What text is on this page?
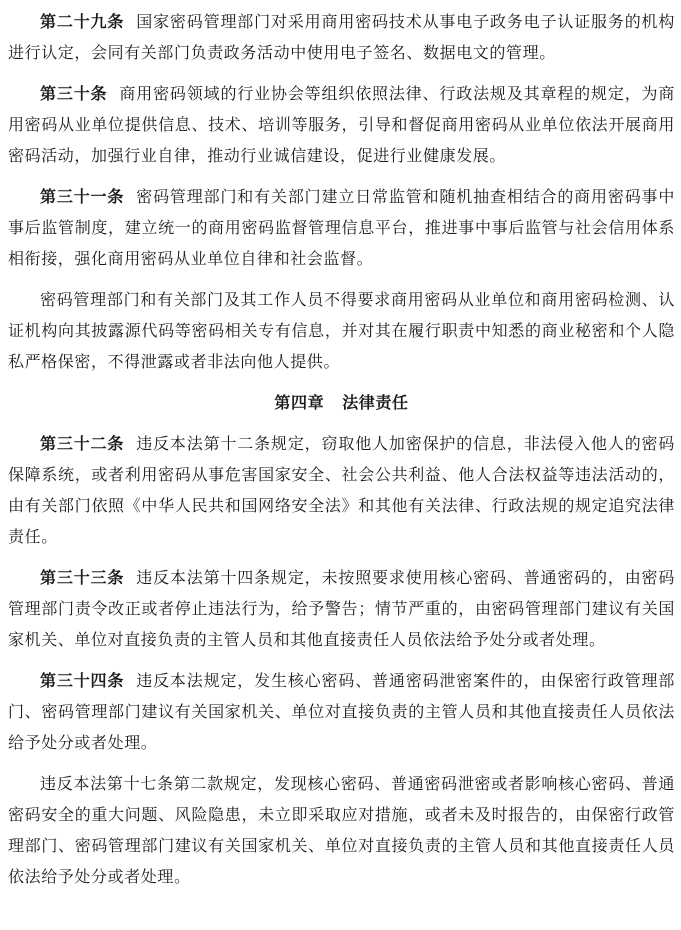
第二十九条 国家密码管理部门对采用商用密码技术从事电子政务电子认证服务的机构进行认定，会同有关部门负责政务活动中使用电子签名、数据电文的管理。

第三十条 商用密码领域的行业协会等组织依照法律、行政法规及其章程的规定，为商用密码从业单位提供信息、技术、培训等服务，引导和督促商用密码从业单位依法开展商用密码活动，加强行业自律，推动行业诚信建设，促进行业健康发展。

第三十一条 密码管理部门和有关部门建立日常监管和随机抽查相结合的商用密码事中事后监管制度，建立统一的商用密码监督管理信息平台，推进事中事后监管与社会信用体系相衔接，强化商用密码从业单位自律和社会监督。

密码管理部门和有关部门及其工作人员不得要求商用密码从业单位和商用密码检测、认证机构向其披露源代码等密码相关专有信息，并对其在履行职责中知悉的商业秘密和个人隐私严格保密，不得泄露或者非法向他人提供。

第四章 法律责任

第三十二条 违反本法第十二条规定，窃取他人加密保护的信息，非法侵入他人的密码保障系统，或者利用密码从事危害国家安全、社会公共利益、他人合法权益等违法活动的，由有关部门依照《中华人民共和国网络安全法》和其他有关法律、行政法规的规定追究法律责任。

第三十三条 违反本法第十四条规定，未按照要求使用核心密码、普通密码的，由密码管理部门责令改正或者停止违法行为，给予警告；情节严重的，由密码管理部门建议有关国家机关、单位对直接负责的主管人员和其他直接责任人员依法给予处分或者处理。

第三十四条 违反本法规定，发生核心密码、普通密码泄密案件的，由保密行政管理部门、密码管理部门建议有关国家机关、单位对直接负责的主管人员和其他直接责任人员依法给予处分或者处理。

违反本法第十七条第二款规定，发现核心密码、普通密码泄密或者影响核心密码、普通密码安全的重大问题、风险隐患，未立即采取应对措施，或者未及时报告的，由保密行政管理部门、密码管理部门建议有关国家机关、单位对直接负责的主管人员和其他直接责任人员依法给予处分或者处理。
